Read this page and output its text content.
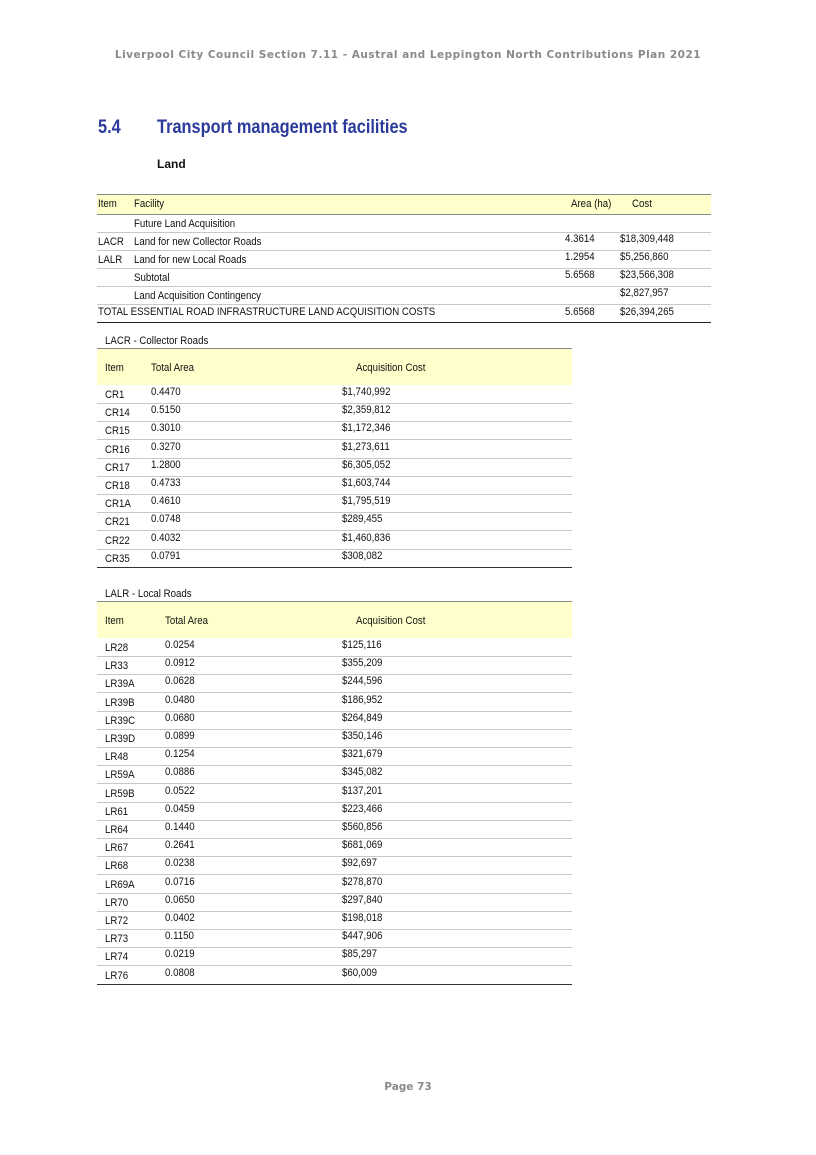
Liverpool City Council Section 7.11 - Austral and Leppington North Contributions Plan 2021
5.4 Transport management facilities
Land
Item Facility	Area (ha)	Cost
Future Land Acquisition
LACR Land for new Collector Roads	4.3614	$18,309,448
LALR	Land for new Local Roads	1.2954	$5,256,860
Subtotal	5.6568	$23,566,308
Land Acquisition Contingency	$2,827,957
TOTAL ESSENTIAL ROAD INFRASTRUCTURE LAND ACQUISITION COSTS	5.6568	$26,394,265
LACR - Collector Roads
Item Total Area	Acquisition Cost
CR1 0.4470	$1,740,992
CR14	0.5150	$2,359,812
CR15	0.3010	$1,172,346
CR16	0.3270	$1,273,611
CR17	1.2800	$6,305,052
CR18	0.4733	$1,603,744
CR1A	0.4610	$1,795,519
CR21	0.0748	$289,455
CR22	0.4032	$1,460,836
CR35	0.0791	$308,082
LALR - Local Roads
Item	Total Area	Acquisition Cost
LR28	0.0254	$125,116
LR33	0.0912	$355,209
LR39A	0.0628	$244,596
LR39B	0.0480	$186,952
LR39C	0.0680	$264,849
LR39D	0.0899	$350,146
LR48	0.1254	$321,679
LR59A	0.0886	$345,082
LR59B	0.0522	$137,201
LR61	0.0459	$223,466
LR64	0.1440	$560,856
LR67	0.2641	$681,069
LR68	0.0238	$92,697
LR69A	0.0716	$278,870
LR70	0.0650	$297,840
LR72	0.0402	$198,018
LR73	0.1150	$447,906
LR74	0.0219	$85,297
LR76	0.0808	$60,009
Page 73
